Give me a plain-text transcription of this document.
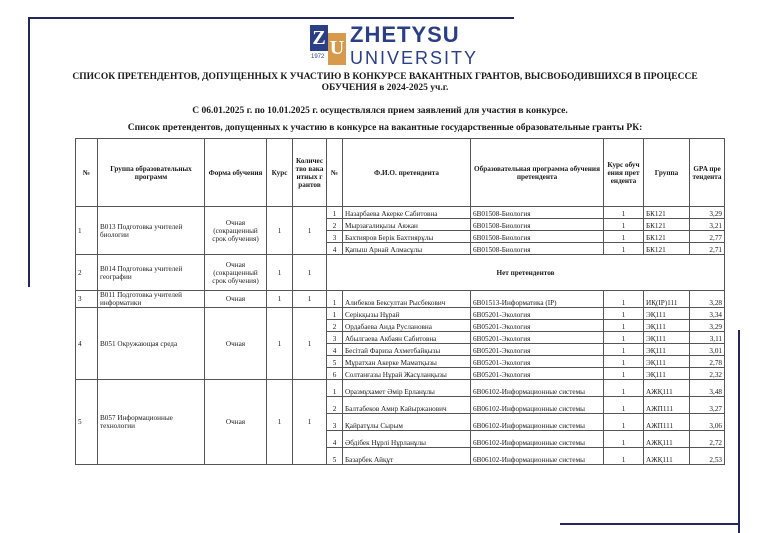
Z U
1972
ZHETYSU
UNIVERSITY
СПИСОК ПРЕТЕНДЕНТОВ, ДОПУЩЕННЫХ К УЧАСТИЮ В КОНКУРСЕ ВАКАНТНЫХ ГРАНТОВ, ВЫСВОБОДИВШИХСЯ В ПРОЦЕССЕ ОБУЧЕНИЯ в 2024-2025 уч.г.
С 06.01.2025 г. по 10.01.2025 г. осуществлялся прием заявлений для участия в конкурсе.
Список претендентов, допущенных к участию в конкурсе на вакантные государственные образовательные гранты РК:
№	Группа образовательных программ	Форма обучения	Курс	Количество вакантных грантов	№	Ф.И.О. претендента	Образовательная программа обучения претендента	Курс обучения претендента	Группа	GPA претендента
1	В013 Подготовка учителей биологии	Очная (сокращенный срок обучения)	1	1	1	Назарбаева Акерке Сабитовна	6В01508-Биология	1	БК121	3,29
					2	Мырзағалиқызы Аяжан	6В01508-Биология	1	БК121	3,21
					3	Бахтияров Берік Бахтиярұлы	6В01508-Биология	1	БК121	2,77
					4	Қапыш Арнай Алмасұлы	6В01508-Биология	1	БК121	2,71
2	В014 Подготовка учителей географии	Очная (сокращенный срок обучения)	1	1	Нет претендентов					
3	В011 Подготовка учителей информатики	Очная	1	1	1	Алибеков Бексултан Рысбекович	6В01513-Информатика (IP)	1	ИҚ(IP)111	3,28
4	В051 Окружающая среда	Очная	1	1	1	Серікқызы Нұрай	6В05201-Экология	1	ЭҚ111	3,34
					2	Ордабаева Аида Руслановна	6В05201-Экология	1	ЭҚ111	3,29
					3	Абылгаева Акбаян Сабитовна	6В05201-Экология	1	ЭҚ111	3,11
					4	Бесітай Фариза Ахметбайқызы	6В05201-Экология	1	ЭҚ111	3,01
					5	Мұратхан Акерке Маматқызы	6В05201-Экология	1	ЭҚ111	2,78
					6	Солтанғазы Нұрай Жасұланқызы	6В05201-Экология	1	ЭҚ111	2,32
5	В057 Информационные технологии	Очная	1	1	1	Оразмұхамет Әмір Ерланұлы	6В06102-Информационные системы	1	АЖҚ111	3,48
					2	Балтабеков Амир Кайыржанович	6В06102-Информационные системы	1	АЖП111	3,27
					3	Қайратұлы Сырым	6В06102-Информационные системы	1	АЖП111	3,06
					4	Әбдібек Нұрлі Нұрланұлы	6В06102-Информационные системы	1	АЖҚ111	2,72
					5	Базарбек Айқұт	6В06102-Информационные системы	1	АЖҚ111	2,53
